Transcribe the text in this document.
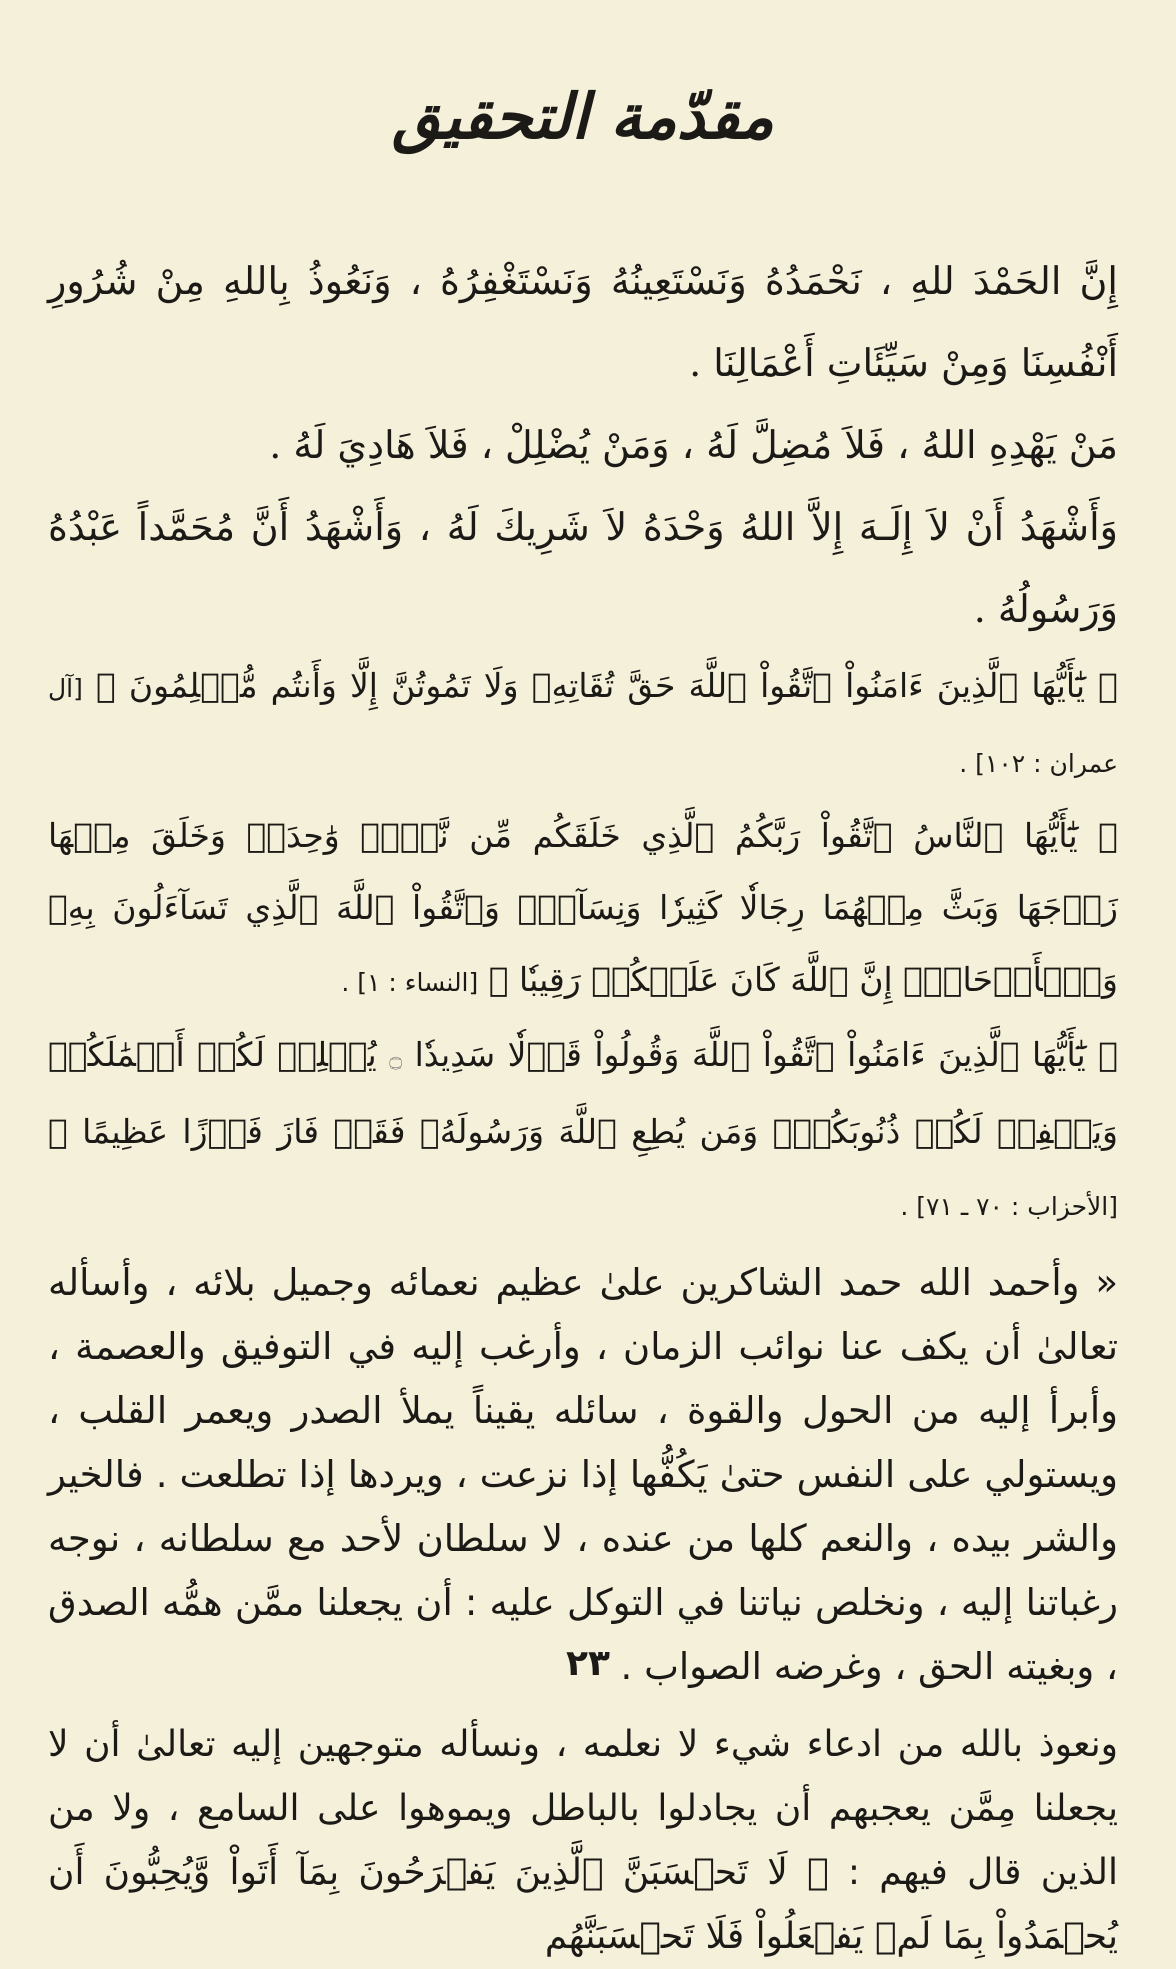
مقدّمة التحقيق

إِنَّ الحَمْدَ للهِ ، نَحْمَدُهُ وَنَسْتَعِينُهُ وَنَسْتَغْفِرُهُ ، وَنَعُوذُ بِاللهِ مِنْ شُرُورِ أَنْفُسِنَا وَمِنْ سَيِّئَاتِ أَعْمَالِنَا .

مَنْ يَهْدِهِ اللهُ ، فَلاَ مُضِلَّ لَهُ ، وَمَنْ يُضْلِلْ ، فَلاَ هَادِيَ لَهُ .

وَأَشْهَدُ أَنْ لاَ إِلَـهَ إِلاَّ اللهُ وَحْدَهُ لاَ شَرِيكَ لَهُ ، وَأَشْهَدُ أَنَّ مُحَمَّداً عَبْدُهُ وَرَسُولُهُ .

﴿ يَٰٓأَيُّهَا ٱلَّذِينَ ءَامَنُواْ ٱتَّقُواْ ٱللَّهَ حَقَّ تُقَاتِهِۦ وَلَا تَمُوتُنَّ إِلَّا وَأَنتُم مُّسۡلِمُونَ ﴾ [آل عمران : ١٠٢] .

﴿ يَٰٓأَيُّهَا ٱلنَّاسُ ٱتَّقُواْ رَبَّكُمُ ٱلَّذِي خَلَقَكُم مِّن نَّفۡسٖ وَٰحِدَةٖ وَخَلَقَ مِنۡهَا زَوۡجَهَا وَبَثَّ مِنۡهُمَا رِجَالٗا كَثِيرٗا وَنِسَآءٗۚ وَٱتَّقُواْ ٱللَّهَ ٱلَّذِي تَسَآءَلُونَ بِهِۦ وَٱلۡأَرۡحَامَۚ إِنَّ ٱللَّهَ كَانَ عَلَيۡكُمۡ رَقِيبٗا ﴾ [النساء : ١] .

﴿ يَٰٓأَيُّهَا ٱلَّذِينَ ءَامَنُواْ ٱتَّقُواْ ٱللَّهَ وَقُولُواْ قَوۡلٗا سَدِيدٗا ۝ يُصۡلِحۡ لَكُمۡ أَعۡمَٰلَكُمۡ وَيَغۡفِرۡ لَكُمۡ ذُنُوبَكُمۡۗ وَمَن يُطِعِ ٱللَّهَ وَرَسُولَهُۥ فَقَدۡ فَازَ فَوۡزًا عَظِيمًا ﴾ [الأحزاب : ٧٠ ـ ٧١] .

« وأحمد الله حمد الشاكرين علىٰ عظيم نعمائه وجميل بلائه ، وأسأله تعالىٰ أن يكف عنا نوائب الزمان ، وأرغب إليه في التوفيق والعصمة ، وأبرأ إليه من الحول والقوة ، سائله يقيناً يملأ الصدر ويعمر القلب ، ويستولي على النفس حتىٰ يَكُفُّها إذا نزعت ، ويردها إذا تطلعت . فالخير والشر بيده ، والنعم كلها من عنده ، لا سلطان لأحد مع سلطانه ، نوجه رغباتنا إليه ، ونخلص نياتنا في التوكل عليه : أن يجعلنا ممَّن همُّه الصدق ، وبغيته الحق ، وغرضه الصواب .

ونعوذ بالله من ادعاء شيء لا نعلمه ، ونسأله متوجهين إليه تعالىٰ أن لا يجعلنا مِمَّن يعجبهم أن يجادلوا بالباطل ويموهوا على السامع ، ولا من الذين قال فيهم : ﴿ لَا تَحۡسَبَنَّ ٱلَّذِينَ يَفۡرَحُونَ بِمَآ أَتَواْ وَّيُحِبُّونَ أَن يُحۡمَدُواْ بِمَا لَمۡ يَفۡعَلُواْ فَلَا تَحۡسَبَنَّهُم

٢٣
